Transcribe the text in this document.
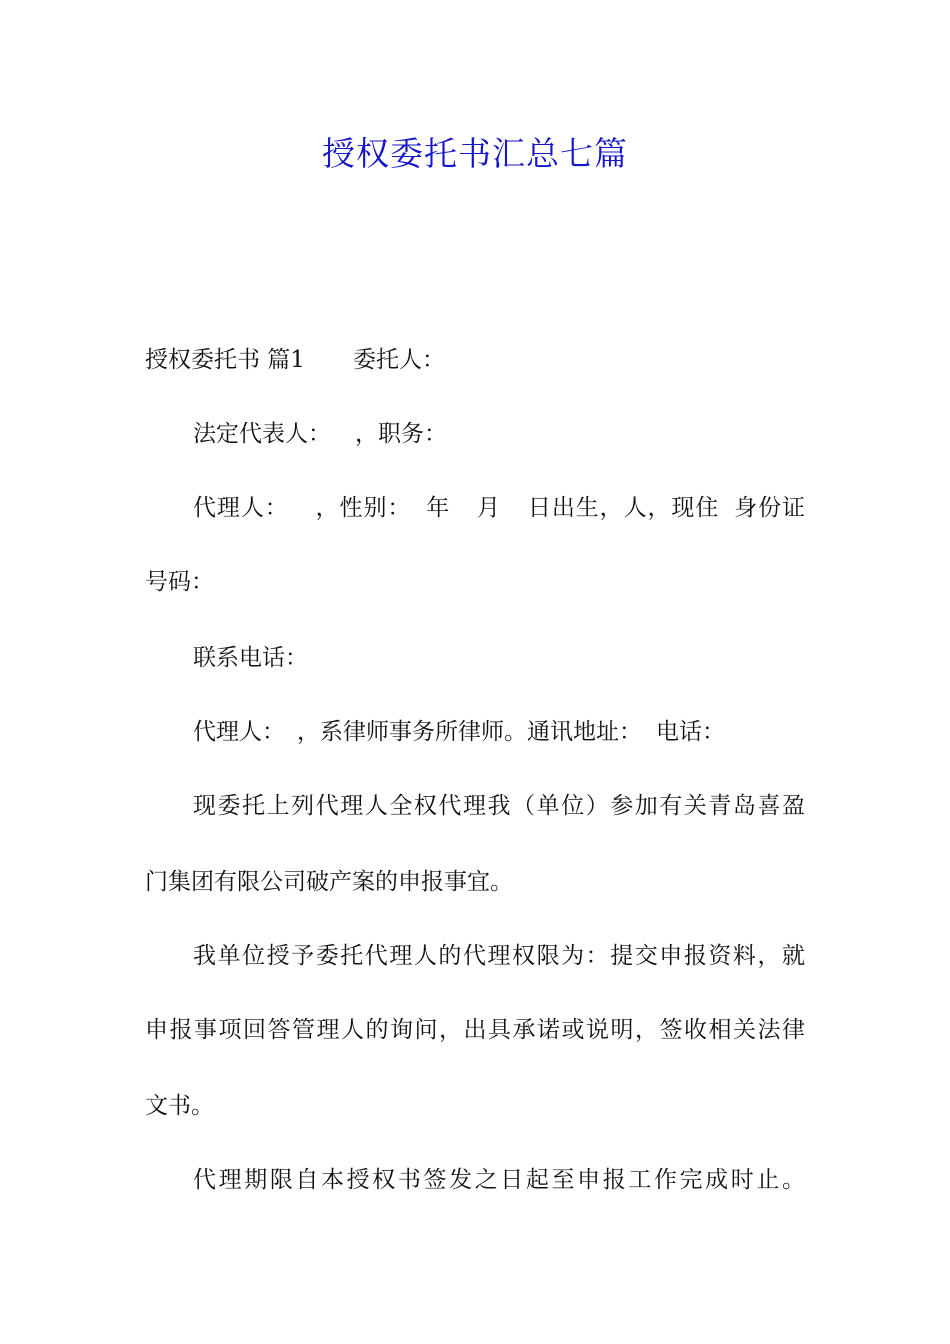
授权委托书汇总七篇
授权委托书 篇1 委托人：
法定代表人： ，职务：
代理人： ，性别： 年 月 日出生，人，现住 身份证
号码：
联系电话：
代理人： ，系律师事务所律师。通讯地址： 电话：
现委托上列代理人全权代理我（单位）参加有关青岛喜盈
门集团有限公司破产案的申报事宜。
我单位授予委托代理人的代理权限为：提交申报资料，就
申报事项回答管理人的询问，出具承诺或说明，签收相关法律
文书。
代理期限自本授权书签发之日起至申报工作完成时止。
